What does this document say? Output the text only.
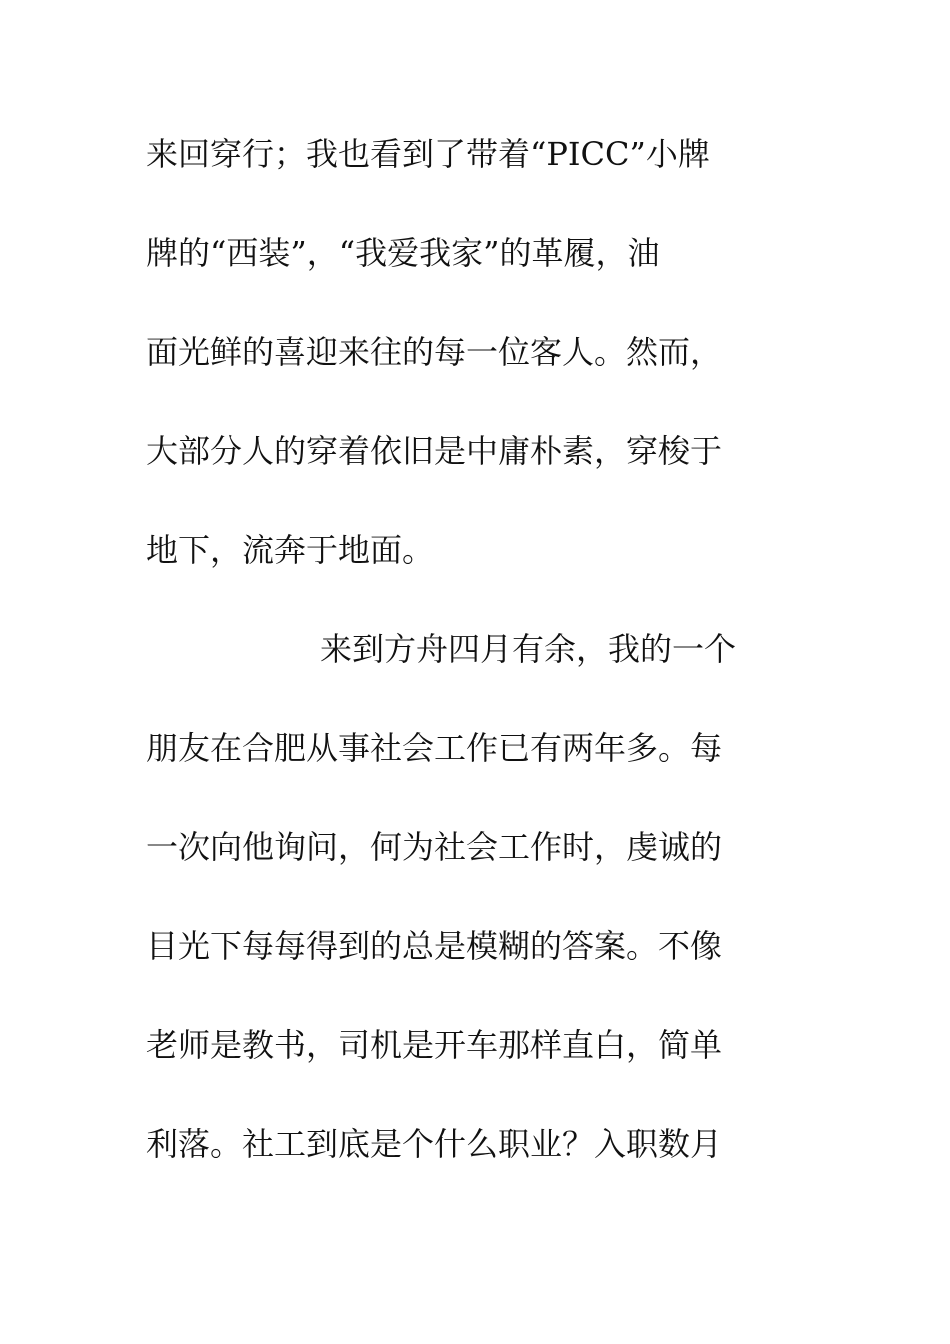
来回穿行；我也看到了带着“PICC”小牌
牌的“西装”，“我爱我家”的革履，油
面光鲜的喜迎来往的每一位客人。然而，
大部分人的穿着依旧是中庸朴素，穿梭于
地下，流奔于地面。
来到方舟四月有余，我的一个
朋友在合肥从事社会工作已有两年多。每
一次向他询问，何为社会工作时，虔诚的
目光下每每得到的总是模糊的答案。不像
老师是教书，司机是开车那样直白，简单
利落。社工到底是个什么职业？入职数月
